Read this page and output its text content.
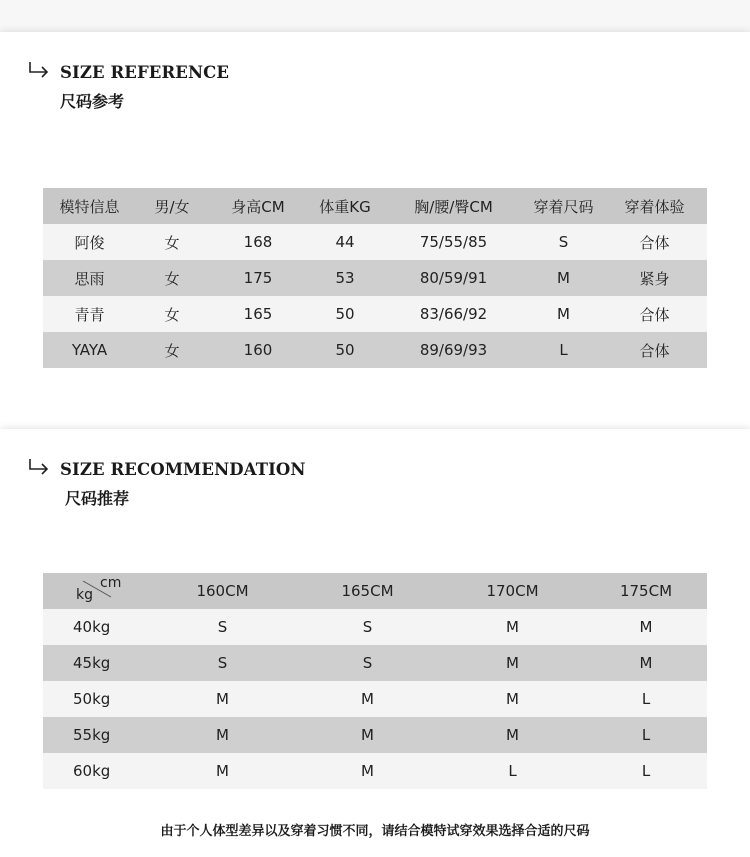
SIZE REFERENCE
尺码参考
模特信息	男/女	身高CM	体重KG	胸/腰/臀CM	穿着尺码	穿着体验
阿俊	女	168	44	75/55/85	S	合体
思雨	女	175	53	80/59/91	M	紧身
青青	女	165	50	83/66/92	M	合体
YAYA	女	160	50	89/69/93	L	合体
SIZE RECOMMENDATION
尺码推荐
cm
kg	160CM	165CM	170CM	175CM
40kg	S	S	M	M
45kg	S	S	M	M
50kg	M	M	M	L
55kg	M	M	M	L
60kg	M	M	L	L
由于个人体型差异以及穿着习惯不同，请结合模特试穿效果选择合适的尺码
